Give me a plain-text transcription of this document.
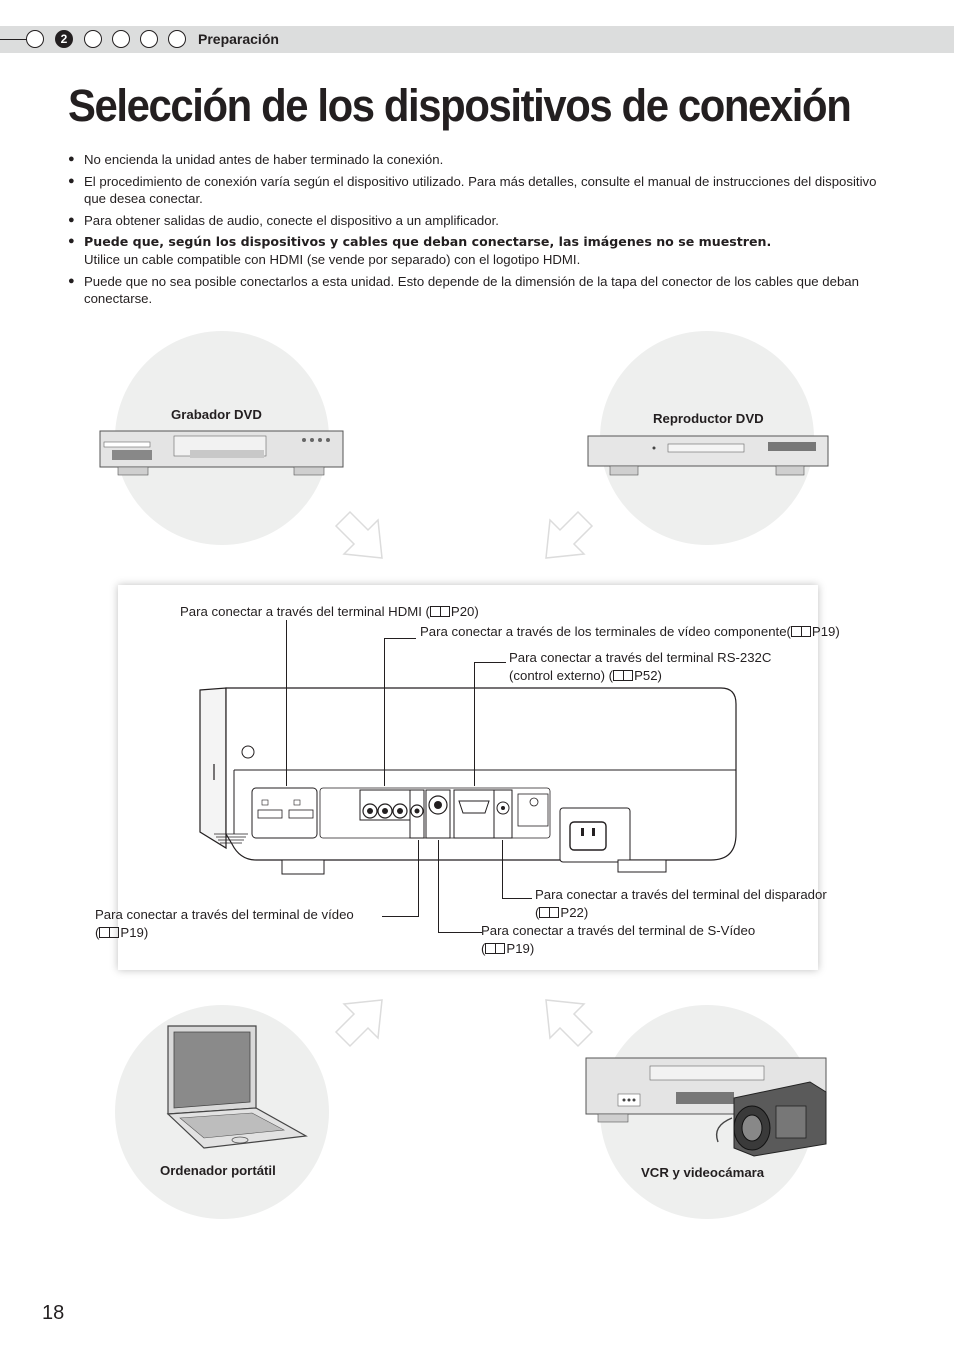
2	Preparación
Selección de los dispositivos de conexión
● No encienda la unidad antes de haber terminado la conexión.
● El procedimiento de conexión varía según el dispositivo utilizado. Para más detalles, consulte el manual de instrucciones del dispositivo que desea conectar.
● Para obtener salidas de audio, conecte el dispositivo a un amplificador.
● Puede que, según los dispositivos y cables que deban conectarse, las imágenes no se muestren.
Utilice un cable compatible con HDMI (se vende por separado) con el logotipo HDMI.
● Puede que no sea posible conectarlos a esta unidad. Esto depende de la dimensión de la tapa del conector de los cables que deban conectarse.
Grabador DVD	Reproductor DVD
Ordenador portátil	VCR y videocámara
Para conectar a través del terminal HDMI ( P20)
Para conectar a través de los terminales de vídeo componente( P19)
Para conectar a través del terminal RS-232C
(control externo) ( P52)
Para conectar a través del terminal del disparador
( P22)
Para conectar a través del terminal de vídeo
( P19)	Para conectar a través del terminal de S-Vídeo
( P19)
18
